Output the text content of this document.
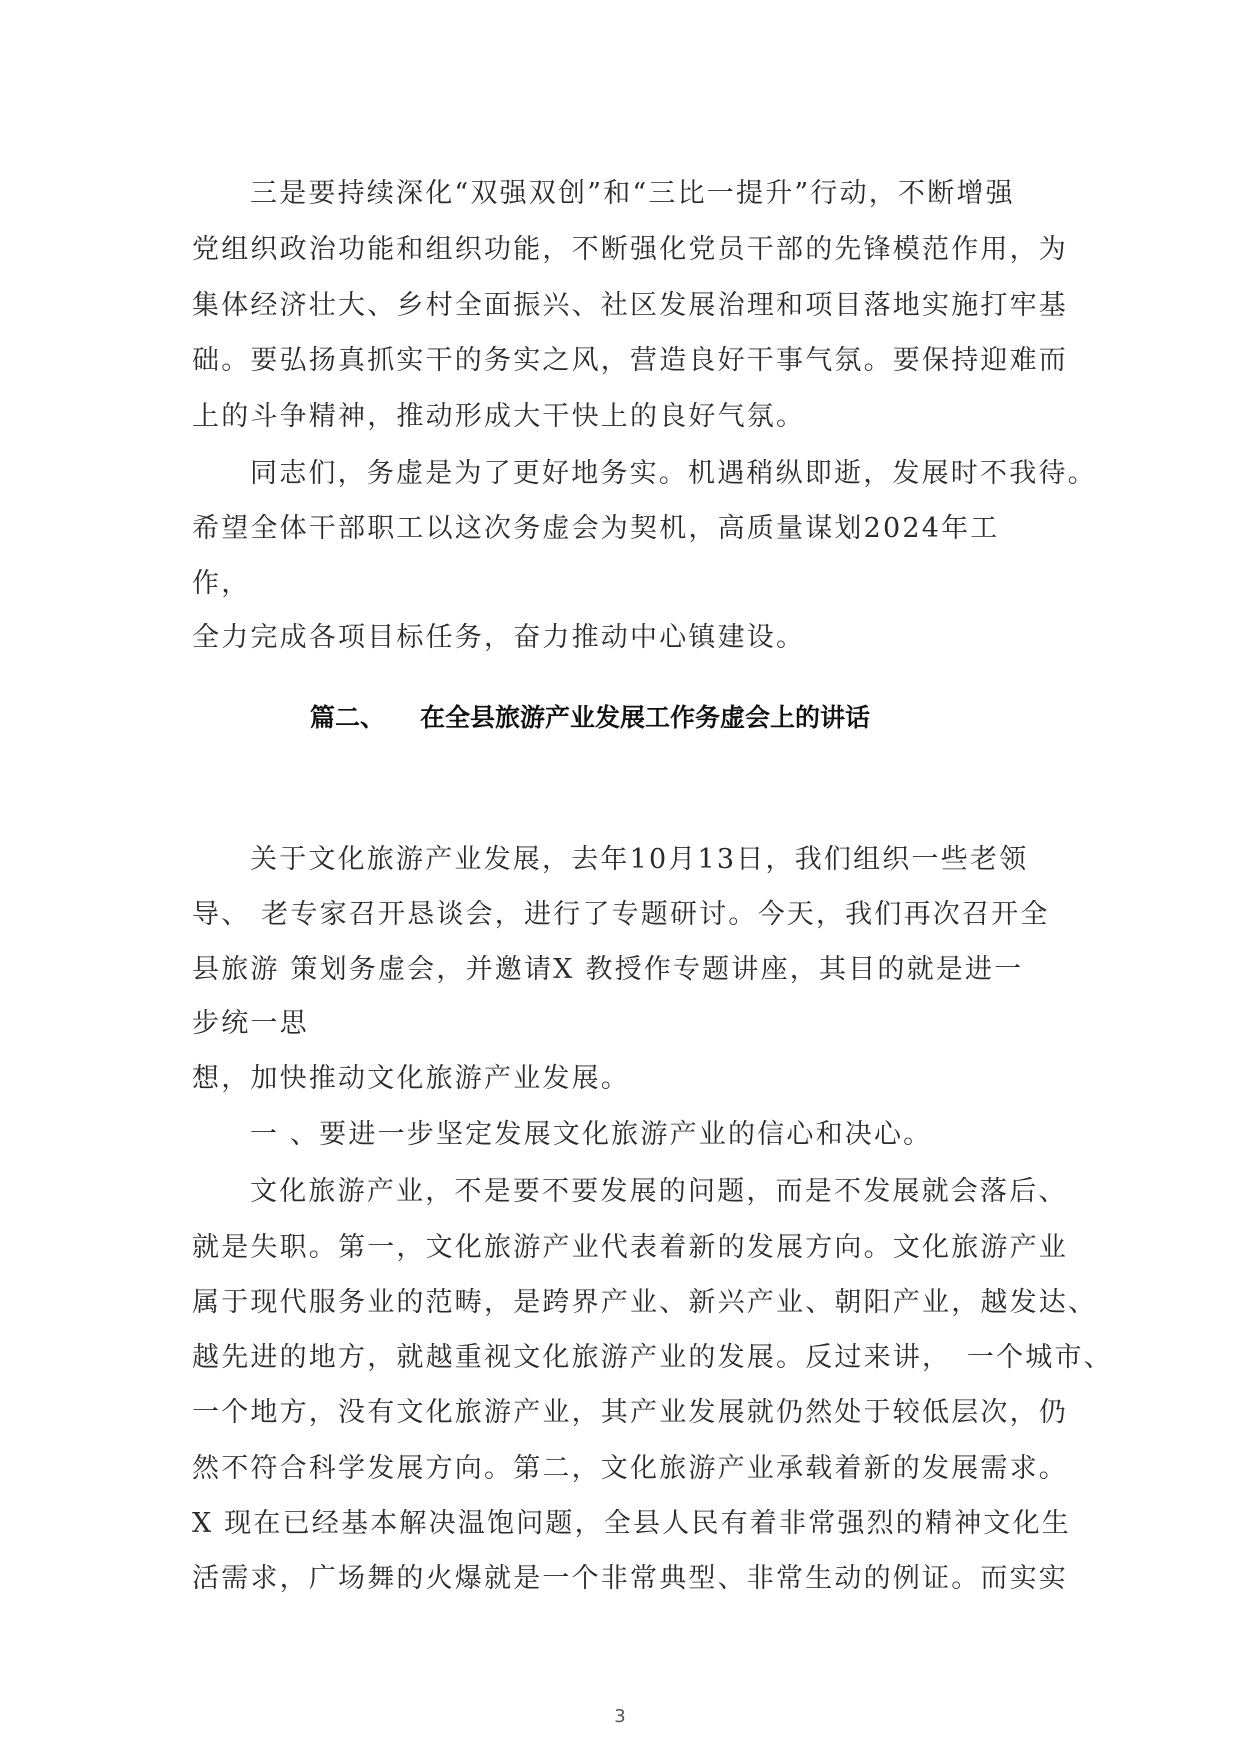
三是要持续深化“双强双创”和“三比一提升”行动，不断增强
党组织政治功能和组织功能，不断强化党员干部的先锋模范作用，为
集体经济壮大、乡村全面振兴、社区发展治理和项目落地实施打牢基
础。要弘扬真抓实干的务实之风，营造良好干事气氛。要保持迎难而
上的斗争精神，推动形成大干快上的良好气氛。
同志们，务虚是为了更好地务实。机遇稍纵即逝，发展时不我待。
希望全体干部职工以这次务虚会为契机，高质量谋划2024年工
作，
全力完成各项目标任务，奋力推动中心镇建设。
篇二、 在全县旅游产业发展工作务虚会上的讲话
关于文化旅游产业发展，去年10月13日，我们组织一些老领
导、 老专家召开恳谈会，进行了专题研讨。今天，我们再次召开全
县旅游 策划务虚会，并邀请X 教授作专题讲座，其目的就是进一
步统一思
想，加快推动文化旅游产业发展。
一 、要进一步坚定发展文化旅游产业的信心和决心。
文化旅游产业，不是要不要发展的问题，而是不发展就会落后、
就是失职。第一，文化旅游产业代表着新的发展方向。文化旅游产业
属于现代服务业的范畴，是跨界产业、新兴产业、朝阳产业，越发达、
越先进的地方，就越重视文化旅游产业的发展。反过来讲，　一个城市、
一个地方，没有文化旅游产业，其产业发展就仍然处于较低层次，仍
然不符合科学发展方向。第二，文化旅游产业承载着新的发展需求。
X 现在已经基本解决温饱问题，全县人民有着非常强烈的精神文化生
活需求，广场舞的火爆就是一个非常典型、非常生动的例证。而实实
3
